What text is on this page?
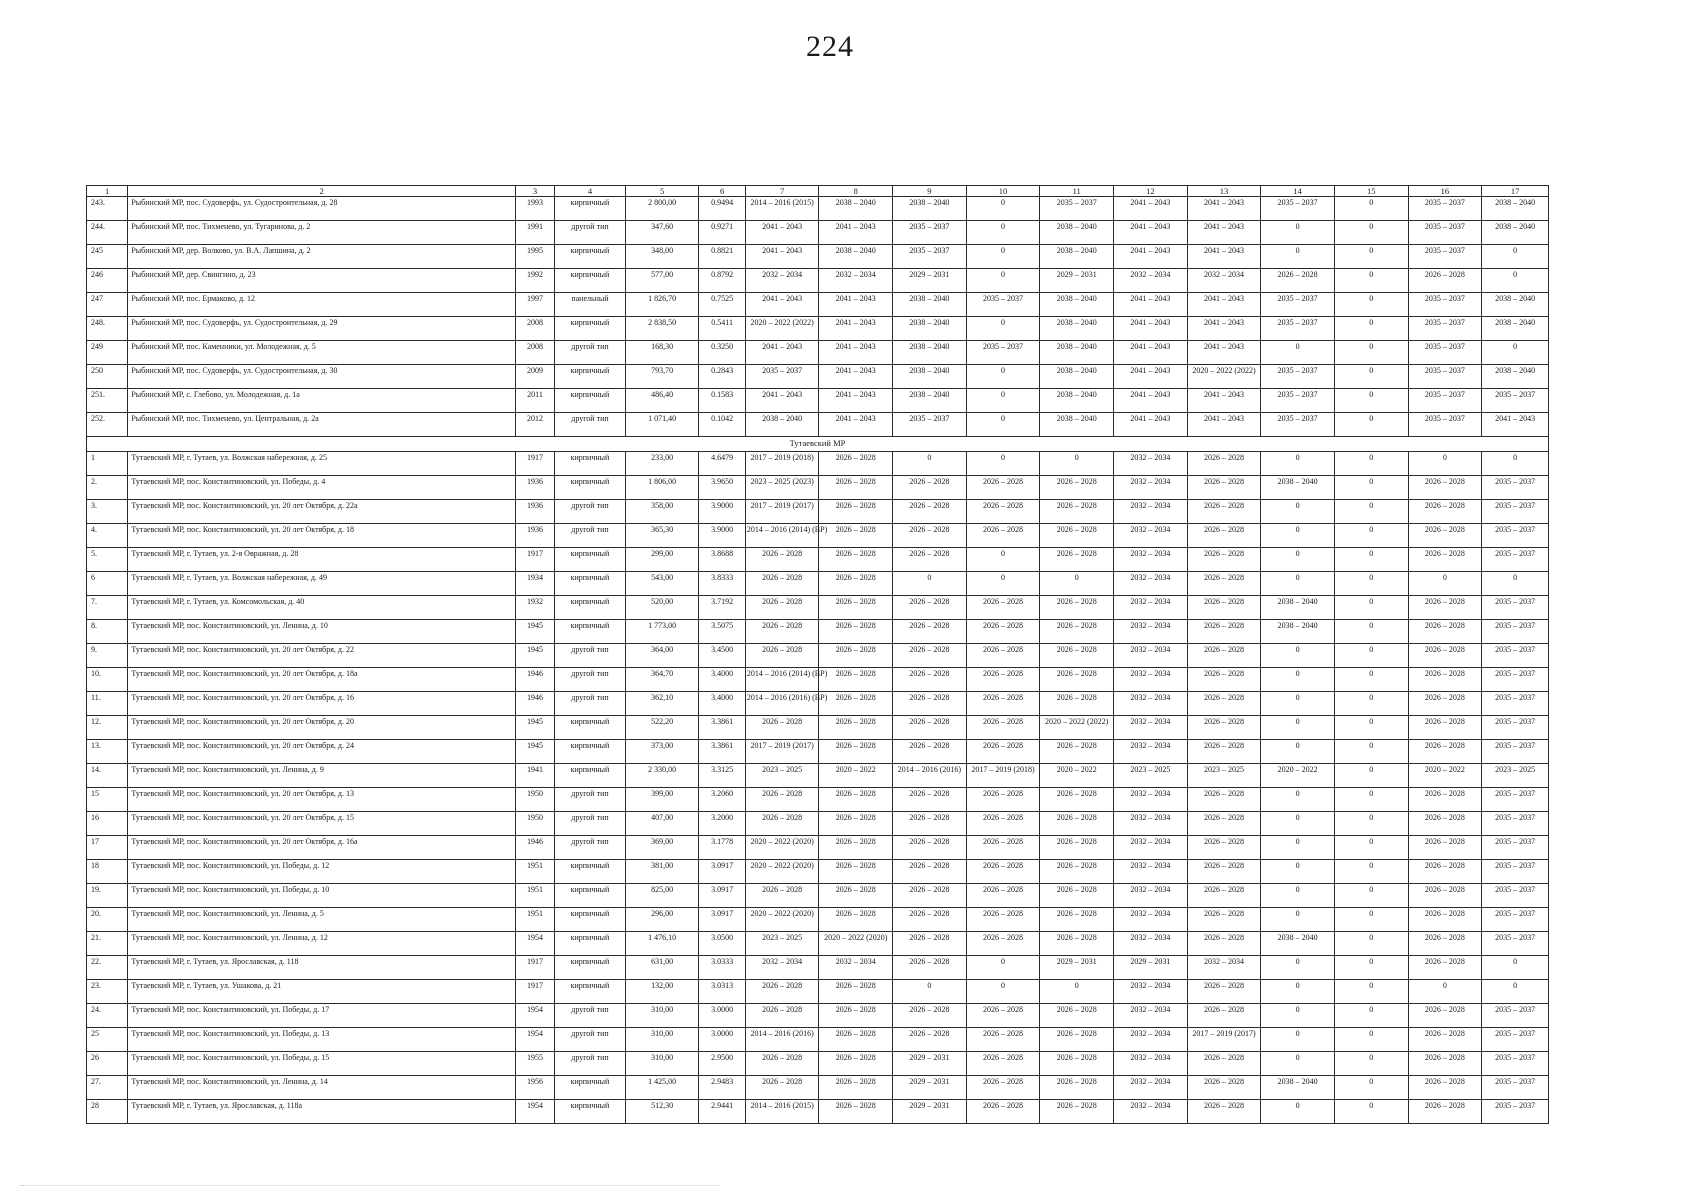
224
1	2	3	4	5	6	7	8	9	10	11	12	13	14	15	16	17
243.	Рыбинский МР, пос. Судоверфь, ул. Судостроительная, д. 28	1993	кирпичный	2 800,00	0.9494	2014 – 2016 (2015)	2038 – 2040	2038 – 2040	0	2035 – 2037	2041 – 2043	2041 – 2043	2035 – 2037	0	2035 – 2037	2038 – 2040
244.	Рыбинский МР, пос. Тихменево, ул. Тугаринова, д. 2	1991	другой тип	347,60	0.9271	2041 – 2043	2041 – 2043	2035 – 2037	0	2038 – 2040	2041 – 2043	2041 – 2043	0	0	2035 – 2037	2038 – 2040
245	Рыбинский МР, дер. Волково, ул. В.А. Лапшина, д. 2	1995	кирпичный	348,00	0.8821	2041 – 2043	2038 – 2040	2035 – 2037	0	2038 – 2040	2041 – 2043	2041 – 2043	0	0	2035 – 2037	0
246	Рыбинский МР, дер. Свингино, д. 23	1992	кирпичный	577,00	0.8792	2032 – 2034	2032 – 2034	2029 – 2031	0	2029 – 2031	2032 – 2034	2032 – 2034	2026 – 2028	0	2026 – 2028	0
247	Рыбинский МР, пос. Ермаково, д. 12	1997	панельный	1 826,70	0.7525	2041 – 2043	2041 – 2043	2038 – 2040	2035 – 2037	2038 – 2040	2041 – 2043	2041 – 2043	2035 – 2037	0	2035 – 2037	2038 – 2040
248.	Рыбинский МР, пос. Судоверфь, ул. Судостроительная, д. 29	2008	кирпичный	2 838,50	0.5411	2020 – 2022 (2022)	2041 – 2043	2038 – 2040	0	2038 – 2040	2041 – 2043	2041 – 2043	2035 – 2037	0	2035 – 2037	2038 – 2040
249	Рыбинский МР, пос. Каменники, ул. Молодежная, д. 5	2008	другой тип	168,30	0.3250	2041 – 2043	2041 – 2043	2038 – 2040	2035 – 2037	2038 – 2040	2041 – 2043	2041 – 2043	0	0	2035 – 2037	0
250	Рыбинский МР, пос. Судоверфь, ул. Судостроительная, д. 30	2009	кирпичный	793,70	0.2843	2035 – 2037	2041 – 2043	2038 – 2040	0	2038 – 2040	2041 – 2043	2020 – 2022 (2022)	2035 – 2037	0	2035 – 2037	2038 – 2040
251.	Рыбинский МР, с. Глебово, ул. Молодежная, д. 1а	2011	кирпичный	486,40	0.1583	2041 – 2043	2041 – 2043	2038 – 2040	0	2038 – 2040	2041 – 2043	2041 – 2043	2035 – 2037	0	2035 – 2037	2035 – 2037
252.	Рыбинский МР, пос. Тихменево, ул. Центральная, д. 2а	2012	другой тип	1 071,40	0.1042	2038 – 2040	2041 – 2043	2035 – 2037	0	2038 – 2040	2041 – 2043	2041 – 2043	2035 – 2037	0	2035 – 2037	2041 – 2043
Тутаевский МР																
1	Тутаевский МР, г. Тутаев, ул. Волжская набережная, д. 25	1917	кирпичный	233,00	4.6479	2017 – 2019 (2018)	2026 – 2028	0	0	0	2032 – 2034	2026 – 2028	0	0	0	0
2.	Тутаевский МР, пос. Константиновский, ул. Победы, д. 4	1936	кирпичный	1 806,00	3.9650	2023 – 2025 (2023)	2026 – 2028	2026 – 2028	2026 – 2028	2026 – 2028	2032 – 2034	2026 – 2028	2038 – 2040	0	2026 – 2028	2035 – 2037
3.	Тутаевский МР, пос. Константиновский, ул. 20 лет Октября, д. 22а	1936	другой тип	358,00	3.9000	2017 – 2019 (2017)	2026 – 2028	2026 – 2028	2026 – 2028	2026 – 2028	2032 – 2034	2026 – 2028	0	0	2026 – 2028	2035 – 2037
4.	Тутаевский МР, пос. Константиновский, ул. 20 лет Октября, д. 18	1936	другой тип	365,30	3.9000	2014 – 2016 (2014) (ВР)	2026 – 2028	2026 – 2028	2026 – 2028	2026 – 2028	2032 – 2034	2026 – 2028	0	0	2026 – 2028	2035 – 2037
5.	Тутаевский МР, г. Тутаев, ул. 2-я Овражная, д. 28	1917	кирпичный	299,00	3.8688	2026 – 2028	2026 – 2028	2026 – 2028	0	2026 – 2028	2032 – 2034	2026 – 2028	0	0	2026 – 2028	2035 – 2037
6	Тутаевский МР, г. Тутаев, ул. Волжская набережная, д. 49	1934	кирпичный	543,00	3.8333	2026 – 2028	2026 – 2028	0	0	0	2032 – 2034	2026 – 2028	0	0	0	0
7.	Тутаевский МР, г. Тутаев, ул. Комсомольская, д. 40	1932	кирпичный	520,00	3.7192	2026 – 2028	2026 – 2028	2026 – 2028	2026 – 2028	2026 – 2028	2032 – 2034	2026 – 2028	2038 – 2040	0	2026 – 2028	2035 – 2037
8.	Тутаевский МР, пос. Константиновский, ул. Ленина, д. 10	1945	кирпичный	1 773,00	3.5075	2026 – 2028	2026 – 2028	2026 – 2028	2026 – 2028	2026 – 2028	2032 – 2034	2026 – 2028	2038 – 2040	0	2026 – 2028	2035 – 2037
9.	Тутаевский МР, пос. Константиновский, ул. 20 лет Октября, д. 22	1945	другой тип	364,00	3.4500	2026 – 2028	2026 – 2028	2026 – 2028	2026 – 2028	2026 – 2028	2032 – 2034	2026 – 2028	0	0	2026 – 2028	2035 – 2037
10.	Тутаевский МР, пос. Константиновский, ул. 20 лет Октября, д. 18а	1946	другой тип	364,70	3.4000	2014 – 2016 (2014) (ВР)	2026 – 2028	2026 – 2028	2026 – 2028	2026 – 2028	2032 – 2034	2026 – 2028	0	0	2026 – 2028	2035 – 2037
11.	Тутаевский МР, пос. Константиновский, ул. 20 лет Октября, д. 16	1946	другой тип	362,10	3.4000	2014 – 2016 (2016) (ВР)	2026 – 2028	2026 – 2028	2026 – 2028	2026 – 2028	2032 – 2034	2026 – 2028	0	0	2026 – 2028	2035 – 2037
12.	Тутаевский МР, пос. Константиновский, ул. 20 лет Октября, д. 20	1945	кирпичный	522,20	3.3861	2026 – 2028	2026 – 2028	2026 – 2028	2026 – 2028	2020 – 2022 (2022)	2032 – 2034	2026 – 2028	0	0	2026 – 2028	2035 – 2037
13.	Тутаевский МР, пос. Константиновский, ул. 20 лет Октября, д. 24	1945	кирпичный	373,00	3.3861	2017 – 2019 (2017)	2026 – 2028	2026 – 2028	2026 – 2028	2026 – 2028	2032 – 2034	2026 – 2028	0	0	2026 – 2028	2035 – 2037
14.	Тутаевский МР, пос. Константиновский, ул. Ленина, д. 9	1941	кирпичный	2 330,00	3.3125	2023 – 2025	2020 – 2022	2014 – 2016 (2016)	2017 – 2019 (2018)	2020 – 2022	2023 – 2025	2023 – 2025	2020 – 2022	0	2020 – 2022	2023 – 2025
15	Тутаевский МР, пос. Константиновский, ул. 20 лет Октября, д. 13	1950	другой тип	399,00	3.2060	2026 – 2028	2026 – 2028	2026 – 2028	2026 – 2028	2026 – 2028	2032 – 2034	2026 – 2028	0	0	2026 – 2028	2035 – 2037
16	Тутаевский МР, пос. Константиновский, ул. 20 лет Октября, д. 15	1950	другой тип	407,00	3.2000	2026 – 2028	2026 – 2028	2026 – 2028	2026 – 2028	2026 – 2028	2032 – 2034	2026 – 2028	0	0	2026 – 2028	2035 – 2037
17	Тутаевский МР, пос. Константиновский, ул. 20 лет Октября, д. 16а	1946	другой тип	369,00	3.1778	2020 – 2022 (2020)	2026 – 2028	2026 – 2028	2026 – 2028	2026 – 2028	2032 – 2034	2026 – 2028	0	0	2026 – 2028	2035 – 2037
18	Тутаевский МР, пос. Константиновский, ул. Победы, д. 12	1951	кирпичный	381,00	3.0917	2020 – 2022 (2020)	2026 – 2028	2026 – 2028	2026 – 2028	2026 – 2028	2032 – 2034	2026 – 2028	0	0	2026 – 2028	2035 – 2037
19.	Тутаевский МР, пос. Константиновский, ул. Победы, д. 10	1951	кирпичный	825,00	3.0917	2026 – 2028	2026 – 2028	2026 – 2028	2026 – 2028	2026 – 2028	2032 – 2034	2026 – 2028	0	0	2026 – 2028	2035 – 2037
20.	Тутаевский МР, пос. Константиновский, ул. Ленина, д. 5	1951	кирпичный	296,00	3.0917	2020 – 2022 (2020)	2026 – 2028	2026 – 2028	2026 – 2028	2026 – 2028	2032 – 2034	2026 – 2028	0	0	2026 – 2028	2035 – 2037
21.	Тутаевский МР, пос. Константиновский, ул. Ленина, д. 12	1954	кирпичный	1 476,10	3.0500	2023 – 2025	2020 – 2022 (2020)	2026 – 2028	2026 – 2028	2026 – 2028	2032 – 2034	2026 – 2028	2038 – 2040	0	2026 – 2028	2035 – 2037
22.	Тутаевский МР, г. Тутаев, ул. Ярославская, д. 118	1917	кирпичный	631,00	3.0333	2032 – 2034	2032 – 2034	2026 – 2028	0	2029 – 2031	2029 – 2031	2032 – 2034	0	0	2026 – 2028	0
23.	Тутаевский МР, г. Тутаев, ул. Ушакова, д. 21	1917	кирпичный	132,00	3.0313	2026 – 2028	2026 – 2028	0	0	0	2032 – 2034	2026 – 2028	0	0	0	0
24.	Тутаевский МР, пос. Константиновский, ул. Победы, д. 17	1954	другой тип	310,00	3.0000	2026 – 2028	2026 – 2028	2026 – 2028	2026 – 2028	2026 – 2028	2032 – 2034	2026 – 2028	0	0	2026 – 2028	2035 – 2037
25	Тутаевский МР, пос. Константиновский, ул. Победы, д. 13	1954	другой тип	310,00	3.0000	2014 – 2016 (2016)	2026 – 2028	2026 – 2028	2026 – 2028	2026 – 2028	2032 – 2034	2017 – 2019 (2017)	0	0	2026 – 2028	2035 – 2037
26	Тутаевский МР, пос. Константиновский, ул. Победы, д. 15	1955	другой тип	310,00	2.9500	2026 – 2028	2026 – 2028	2029 – 2031	2026 – 2028	2026 – 2028	2032 – 2034	2026 – 2028	0	0	2026 – 2028	2035 – 2037
27.	Тутаевский МР, пос. Константиновский, ул. Ленина, д. 14	1956	кирпичный	1 425,00	2.9483	2026 – 2028	2026 – 2028	2029 – 2031	2026 – 2028	2026 – 2028	2032 – 2034	2026 – 2028	2038 – 2040	0	2026 – 2028	2035 – 2037
28	Тутаевский МР, г. Тутаев, ул. Ярославская, д. 118а	1954	кирпичный	512,30	2.9441	2014 – 2016 (2015)	2026 – 2028	2029 – 2031	2026 – 2028	2026 – 2028	2032 – 2034	2026 – 2028	0	0	2026 – 2028	2035 – 2037
